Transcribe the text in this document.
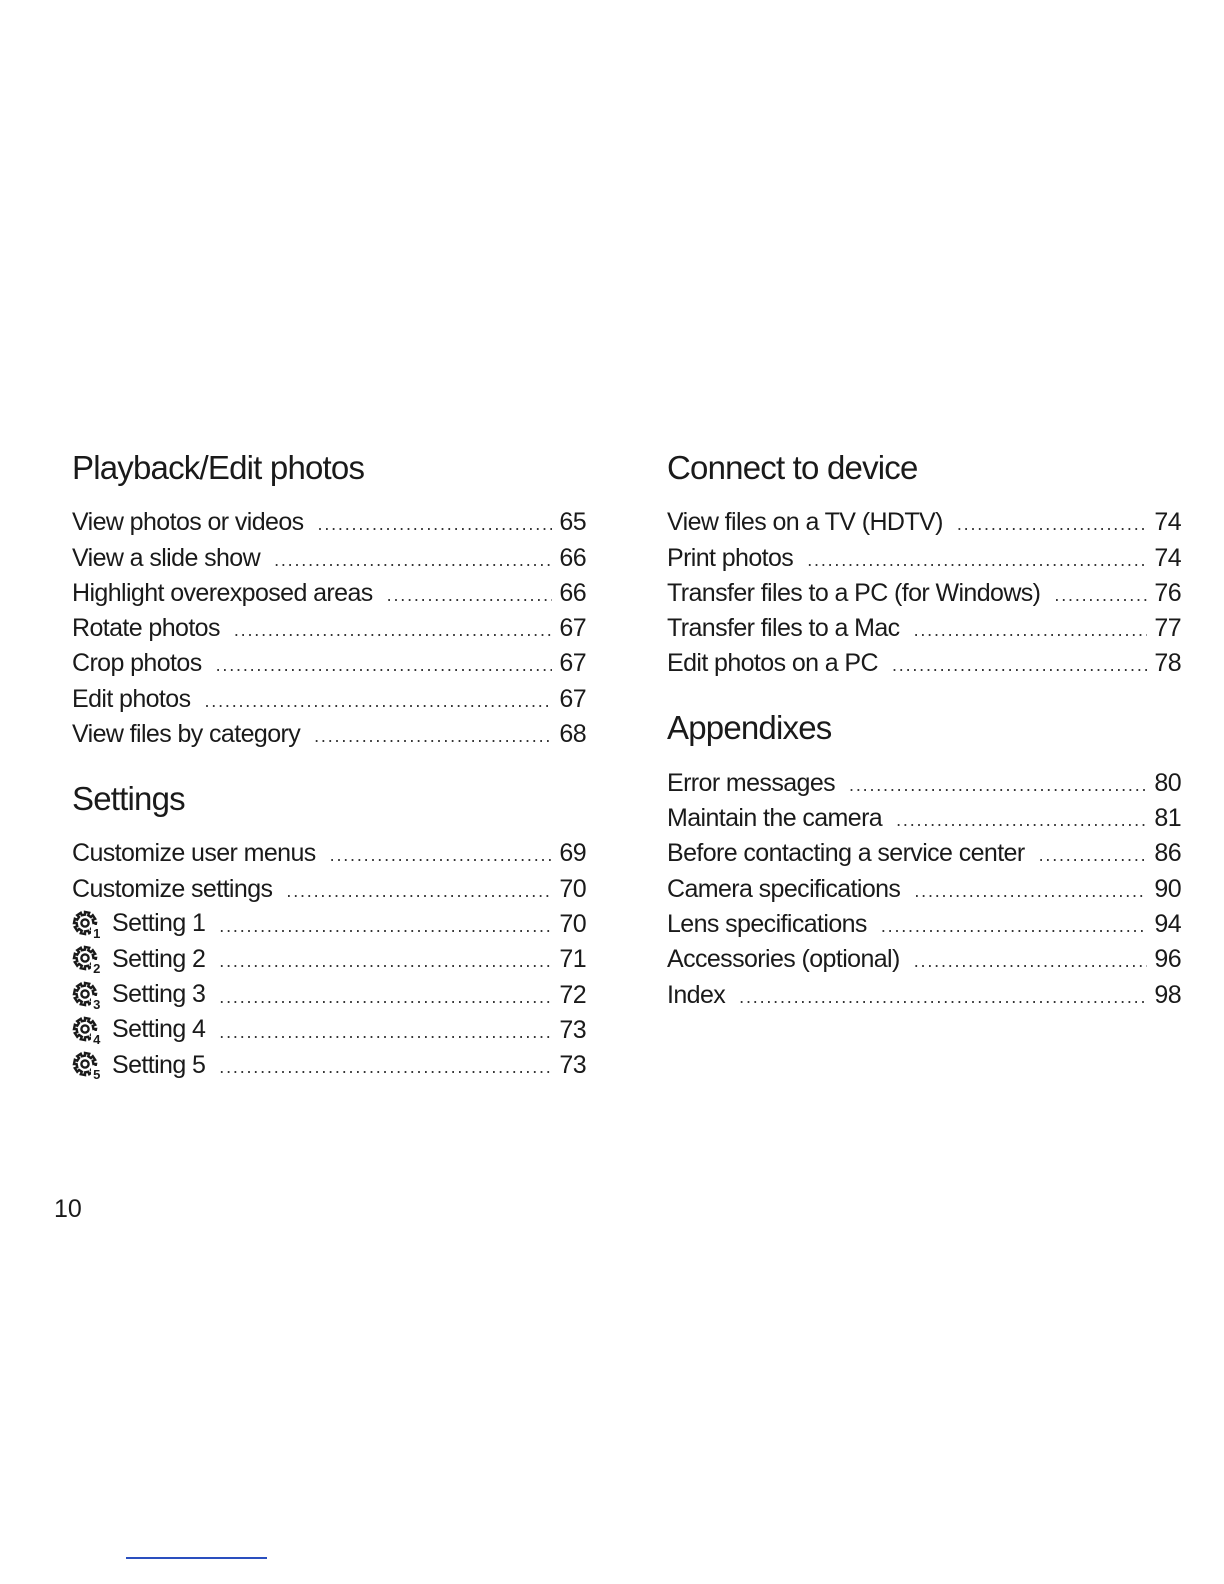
Playback/Edit photos
View photos or videos . . .	65
View a slide show . . .	66
Highlight overexposed areas . . .	66
Rotate photos . . .	67
Crop photos . . .	67
Edit photos . . .	67
View files by category . . .	68
Settings
Customize user menus . . .	69
Customize settings . . .	70
1 Setting 1 . . .	70
2 Setting 2 . . .	71
3 Setting 3 . . .	72
4 Setting 4 . . .	73
5 Setting 5 . . .	73
Connect to device
View files on a TV (HDTV) . . .	74
Print photos . . .	74
Transfer files to a PC (for Windows) . . .	76
Transfer files to a Mac . . .	77
Edit photos on a PC . . .	78
Appendixes
Error messages . . .	80
Maintain the camera . . .	81
Before contacting a service center . . .	86
Camera specifications . . .	90
Lens specifications . . .	94
Accessories (optional) . . .	96
Index . . .	98
10
